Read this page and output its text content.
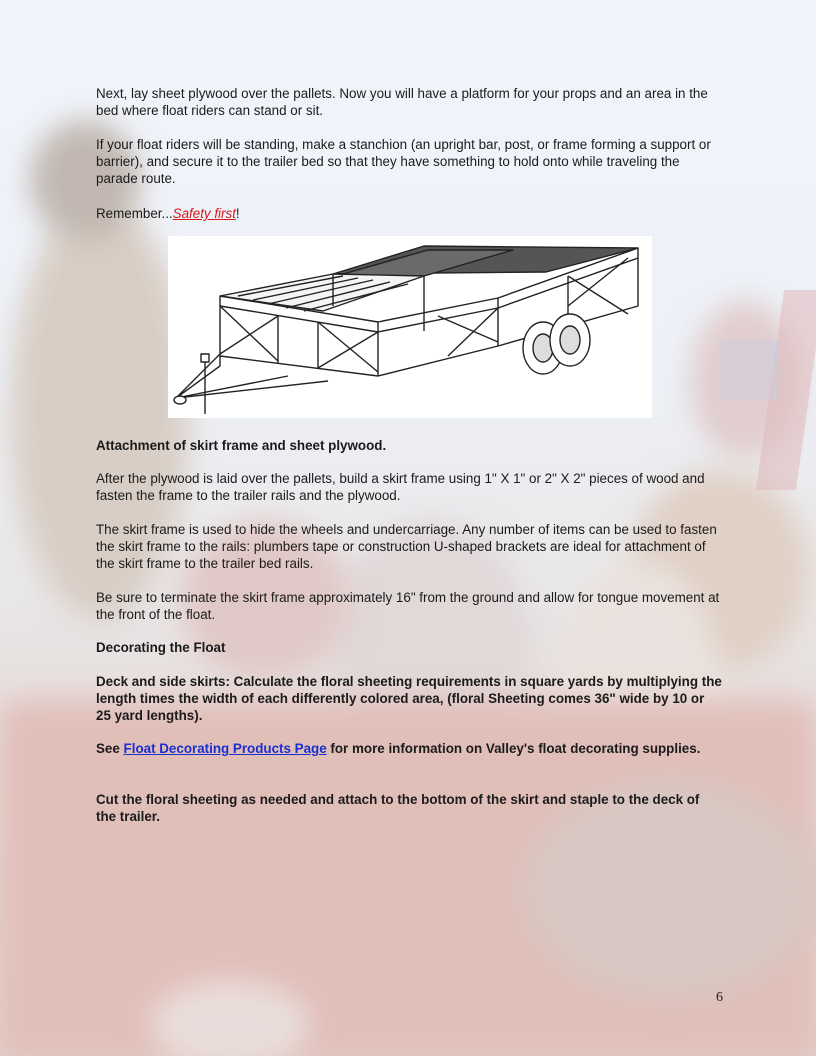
Next, lay sheet plywood over the pallets. Now you will have a platform for your props and an area in the bed where float riders can stand or sit.

If your float riders will be standing, make a stanchion (an upright bar, post, or frame forming a support or barrier), and secure it to the trailer bed so that they have something to hold onto while traveling the parade route.

Remember...Safety first!

Attachment of skirt frame and sheet plywood.

After the plywood is laid over the pallets, build a skirt frame using 1" X 1" or 2" X 2" pieces of wood and fasten the frame to the trailer rails and the plywood.

The skirt frame is used to hide the wheels and undercarriage. Any number of items can be used to fasten the skirt frame to the rails: plumbers tape or construction U-shaped brackets are ideal for attachment of the skirt frame to the trailer bed rails.

Be sure to terminate the skirt frame approximately 16" from the ground and allow for tongue movement at the front of the float.

Decorating the Float

Deck and side skirts: Calculate the floral sheeting requirements in square yards by multiplying the length times the width of each differently colored area, (floral Sheeting comes 36" wide by 10 or 25 yard lengths).

See Float Decorating Products Page for more information on Valley's float decorating supplies.

Cut the floral sheeting as needed and attach to the bottom of the skirt and staple to the deck of the trailer.

6
